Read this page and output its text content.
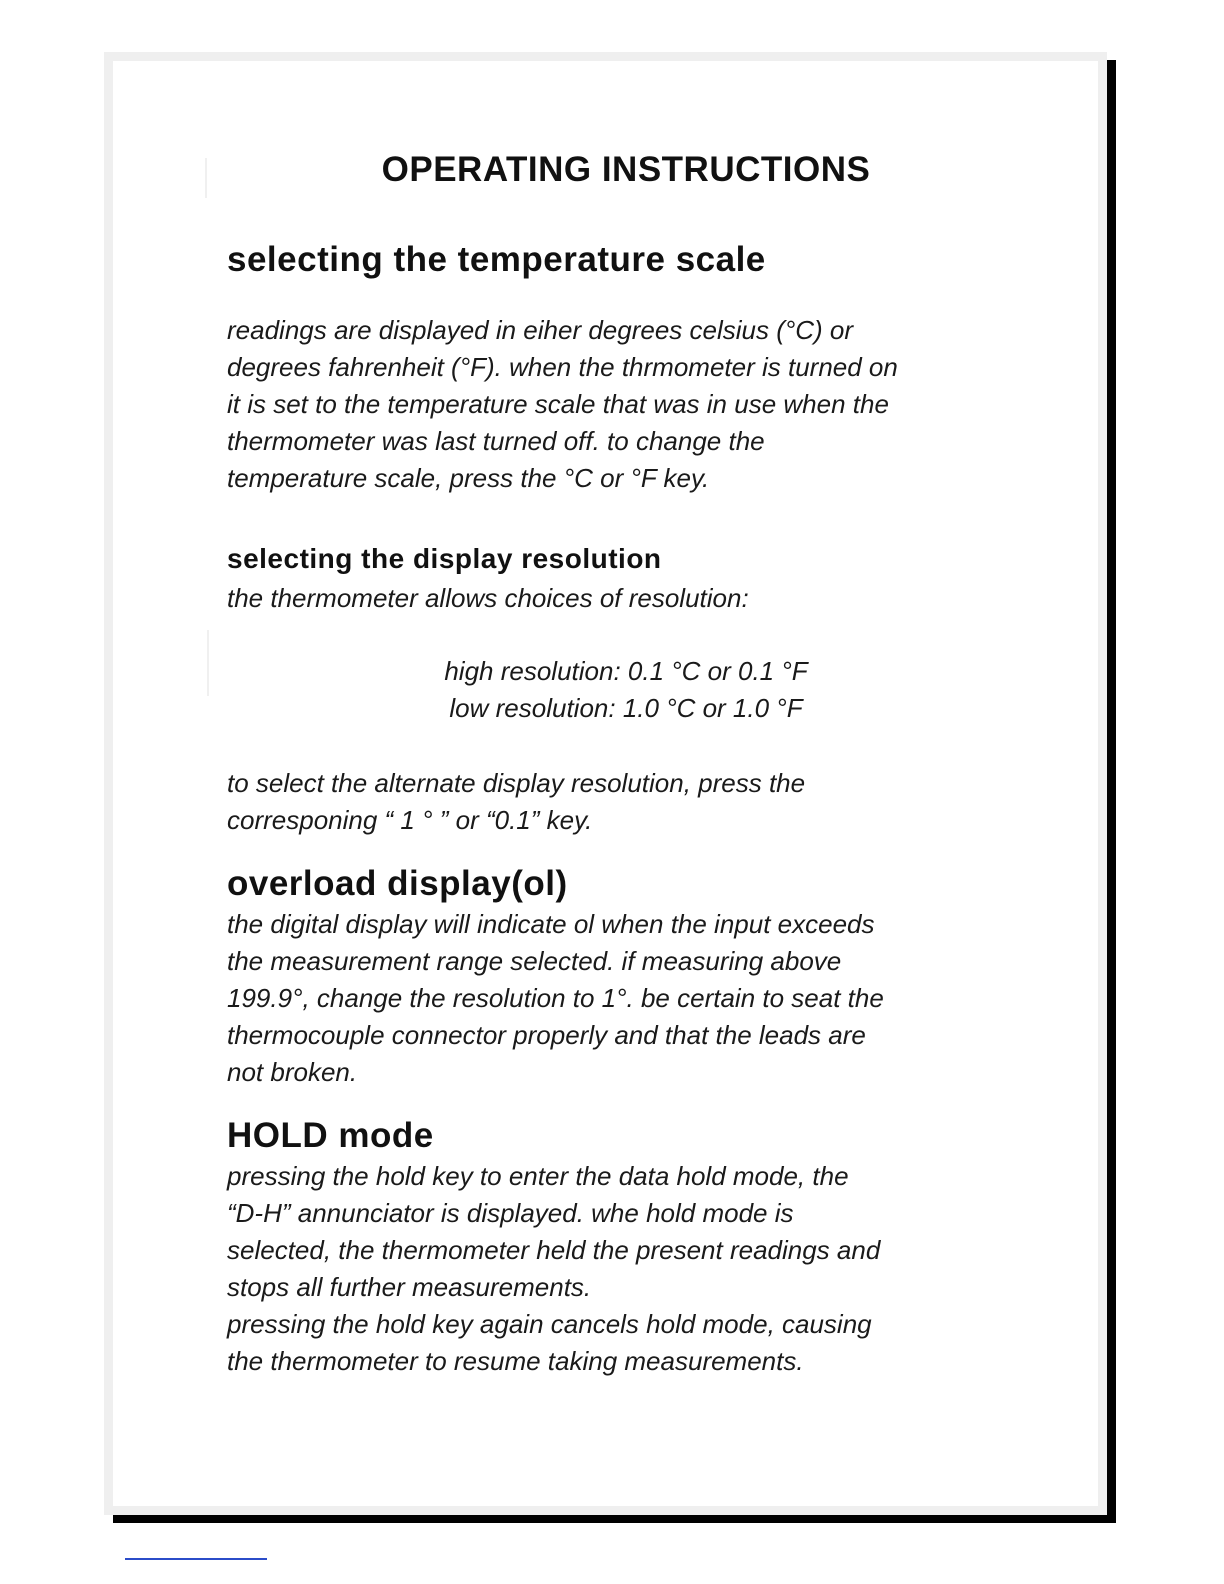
OPERATING INSTRUCTIONS
selecting the temperature scale

readings are displayed in eiher degrees celsius (°C) or
degrees fahrenheit (°F). when the thrmometer is turned on
it is set to the temperature scale that was in use when the
thermometer was last turned off. to change the
temperature scale, press the °C or °F key.

selecting the display resolution

the thermometer allows choices of resolution:

high resolution: 0.1 °C or 0.1 °F
low resolution: 1.0 °C or 1.0 °F

to select the alternate display resolution, press the
corresponing “ 1 ° ” or “0.1” key.

overload display(ol)

the digital display will indicate ol when the input exceeds
the measurement range selected. if measuring above
199.9°, change the resolution to 1°. be certain to seat the
thermocouple connector properly and that the leads are
not broken.

HOLD mode

pressing the hold key to enter the data hold mode, the
“D-H” annunciator is displayed. whe hold mode is
selected, the thermometer held the present readings and
stops all further measurements.
pressing the hold key again cancels hold mode, causing
the thermometer to resume taking measurements.
